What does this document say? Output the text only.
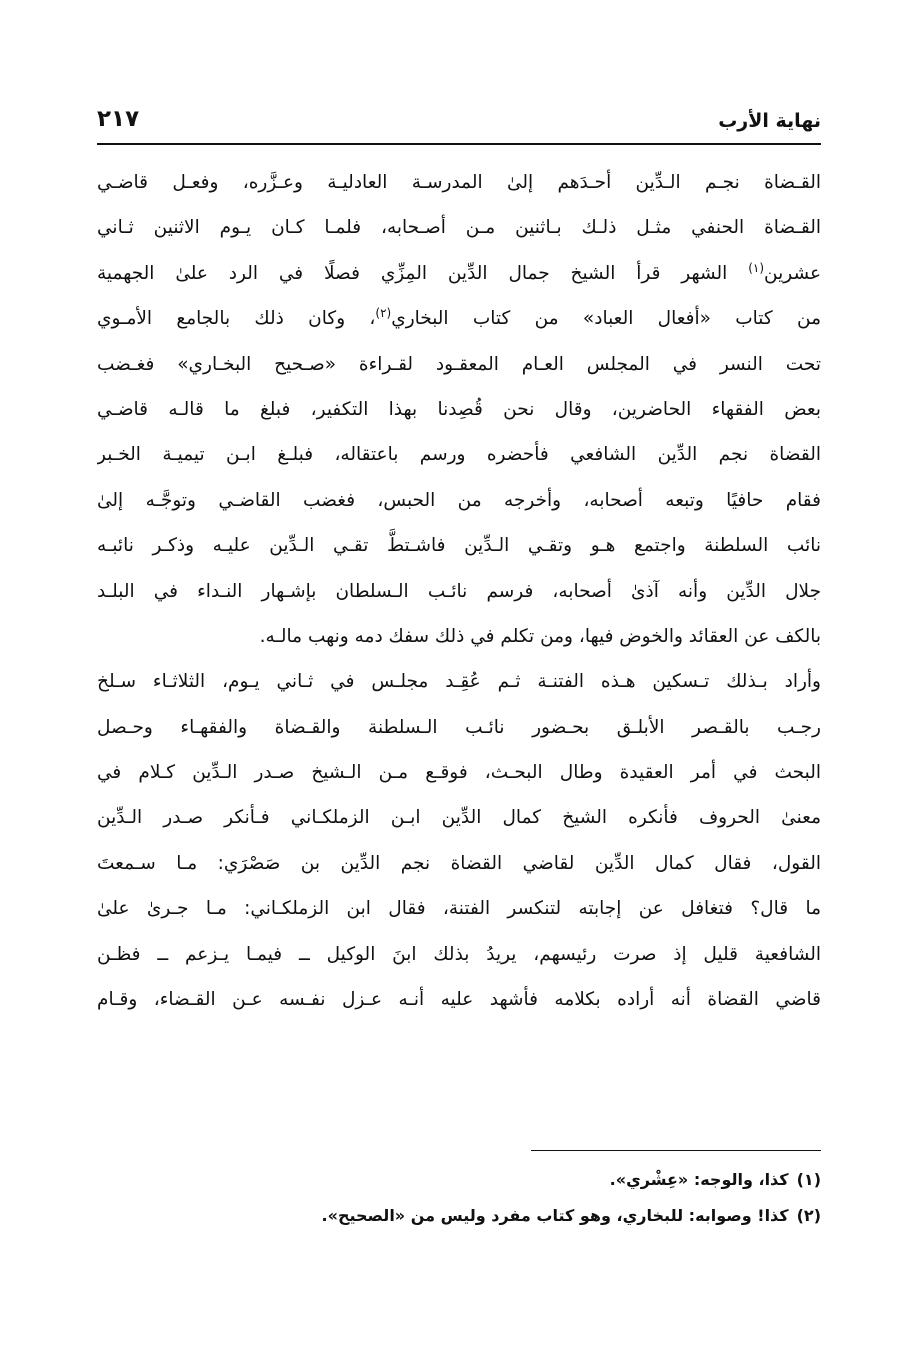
نهاية الأرب
٢١٧
القـضاة نجـم الـدِّين أحـدَهم إلىٰ المدرسـة العادليـة وعـزَّره، وفعـل قاضـي
القـضاة الحنفي مثـل ذلـك بـاثنين مـن أصـحابه، فلمـا كـان يـوم الاثنين ثـاني
عشرين$^{(١)}$ الشهر قرأ الشيخ جمال الدِّين المِزِّي فصلًا في الرد علىٰ الجهمية
من كتاب «أفعال العباد» من كتاب البخاري$^{(٢)}$، وكان ذلك بالجامع الأمـوي
تحت النسر في المجلس العـام المعقـود لقـراءة «صـحيح البخـاري» فغـضب
بعض الفقهاء الحاضرين، وقال نحن قُصِدنا بهذا التكفير، فبلغ ما قالـه قاضـي
القضاة نجم الدِّين الشافعي فأحضره ورسم باعتقاله، فبلـغ ابـن تيميـة الخـبر
فقام حافيًا وتبعه أصحابه، وأخرجه من الحبس، فغضب القاضـي وتوجَّـه إلىٰ
نائب السلطنة واجتمع هـو وتقـي الـدِّين فاشـتطَّ تقـي الـدِّين عليـه وذكـر نائبـه
جلال الدِّين وأنه آذىٰ أصحابه، فرسم نائـب الـسلطان بإشـهار النـداء في البلـد
بالكف عن العقائد والخوض فيها، ومن تكلم في ذلك سفك دمه ونهب مالـه.
وأراد بـذلك تـسكين هـذه الفتنـة ثـم عُقِـد مجلـس في ثـاني يـوم، الثلاثـاء سـلخ
رجـب بالقـصر الأبلـق بحـضور نائـب الـسلطنة والقـضاة والفقهـاء وحـصل
البحث في أمر العقيدة وطال البحـث، فوقـع مـن الـشيخ صـدر الـدِّين كـلام في
معنىٰ الحروف فأنكره الشيخ كمال الدِّين ابـن الزملكـاني فـأنكر صـدر الـدِّين
القول، فقال كمال الدِّين لقاضي القضاة نجم الدِّين بن صَصْرَي: مـا سـمعتَ
ما قال؟ فتغافل عن إجابته لتنكسر الفتنة، فقال ابن الزملكـاني: مـا جـرىٰ علىٰ
الشافعية قليل إذ صرت رئيسهم، يريدُ بذلك ابنَ الوكيل ــ فيمـا يـزعم ــ فظـن
قاضي القضاة أنه أراده بكلامه فأشهد عليه أنـه عـزل نفـسه عـن القـضاء، وقـام
(١)كذا، والوجه: «عِشْري».
(٢)كذا! وصوابه: للبخاري، وهو كتاب مفرد وليس من «الصحيح».
